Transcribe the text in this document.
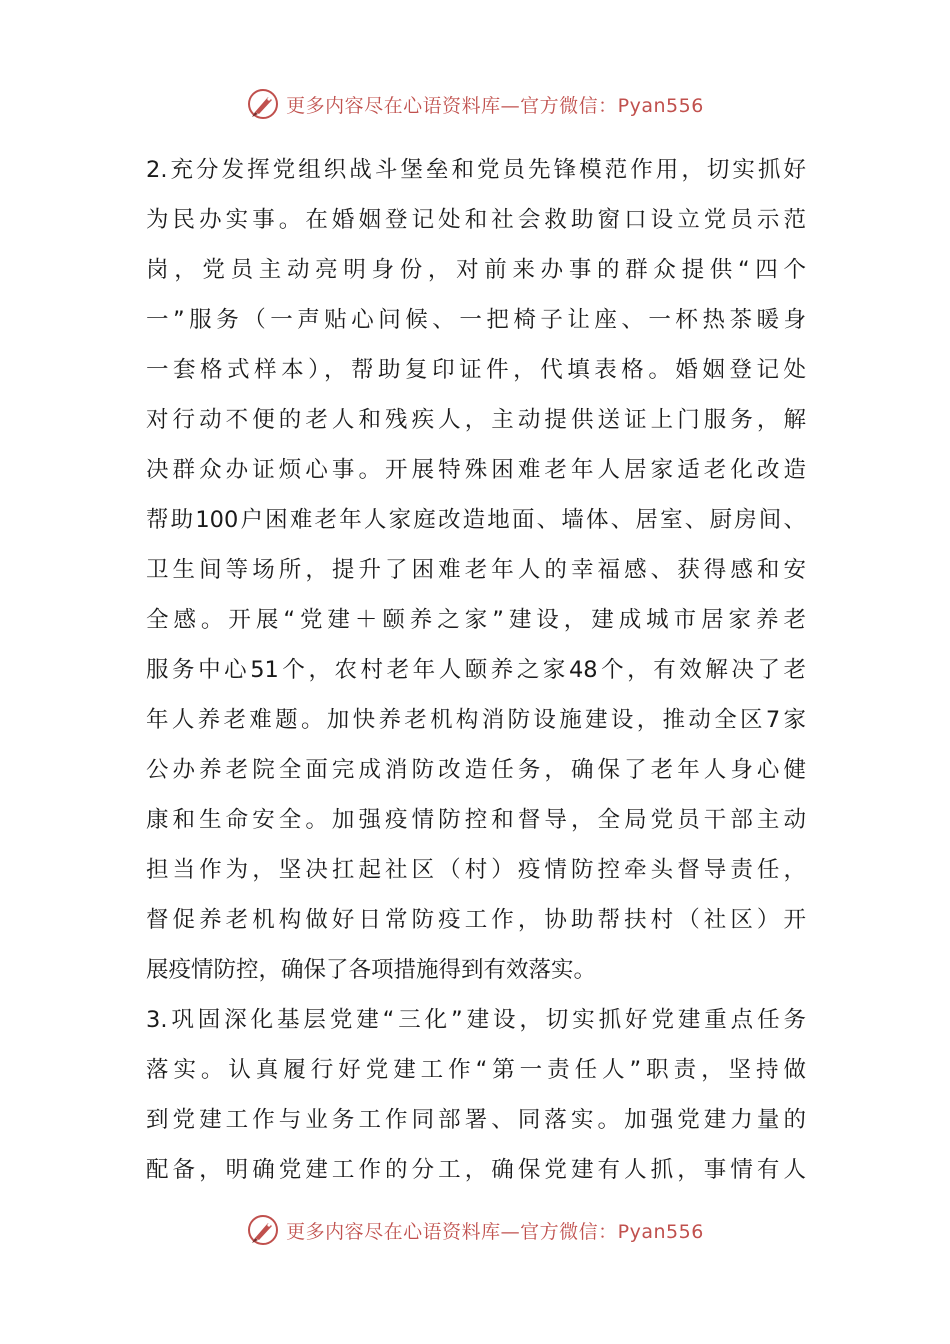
更多内容尽在心语资料库—官方微信：Pyan556
2.充分发挥党组织战斗堡垒和党员先锋模范作用，切实抓好
为民办实事。在婚姻登记处和社会救助窗口设立党员示范
岗，党员主动亮明身份，对前来办事的群众提供“四个
一”服务（一声贴心问候、一把椅子让座、一杯热茶暖身
一套格式样本），帮助复印证件，代填表格。婚姻登记处
对行动不便的老人和残疾人，主动提供送证上门服务，解
决群众办证烦心事。开展特殊困难老年人居家适老化改造
帮助100户困难老年人家庭改造地面、墙体、居室、厨房间、
卫生间等场所，提升了困难老年人的幸福感、获得感和安
全感。开展“党建＋颐养之家”建设，建成城市居家养老
服务中心51个，农村老年人颐养之家48个，有效解决了老
年人养老难题。加快养老机构消防设施建设，推动全区7家
公办养老院全面完成消防改造任务，确保了老年人身心健
康和生命安全。加强疫情防控和督导，全局党员干部主动
担当作为，坚决扛起社区（村）疫情防控牵头督导责任，
督促养老机构做好日常防疫工作，协助帮扶村（社区）开
展疫情防控，确保了各项措施得到有效落实。
3.巩固深化基层党建“三化”建设，切实抓好党建重点任务
落实。认真履行好党建工作“第一责任人”职责，坚持做
到党建工作与业务工作同部署、同落实。加强党建力量的
配备，明确党建工作的分工，确保党建有人抓，事情有人
更多内容尽在心语资料库—官方微信：Pyan556
